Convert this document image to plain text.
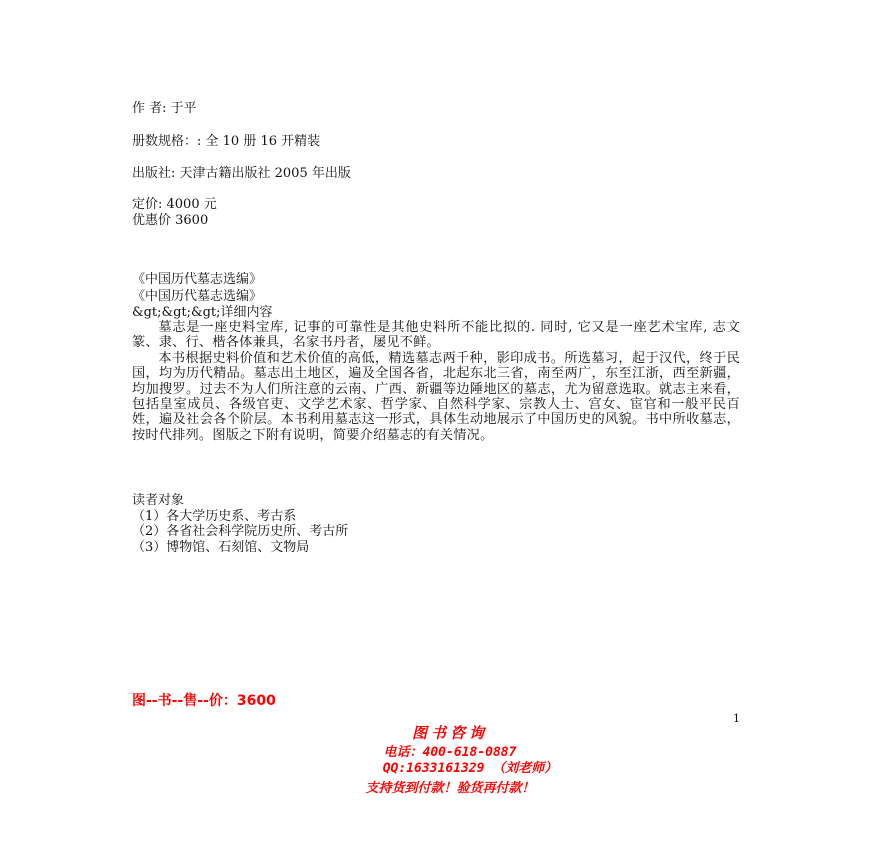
作 者: 于平
册数规格：: 全 10 册 16 开精装
出版社: 天津古籍出版社 2005 年出版
定价: 4000 元
优惠价 3600
《中国历代墓志选编》
《中国历代墓志选编》
&gt;&gt;&gt;详细内容

墓志是一座史料宝库, 记事的可靠性是其他史料所不能比拟的. 同时, 它又是一座艺术宝库, 志文篆、隶、行、楷各体兼具，名家书丹者，屡见不鲜。

本书根据史料价值和艺术价值的高低，精选墓志两千种，影印成书。所选墓习，起于汉代，终于民国，均为历代精品。墓志出土地区，遍及全国各省，北起东北三省，南至两广，东至江浙，西至新疆，均加搜罗。过去不为人们所注意的云南、广西、新疆等边陲地区的墓志，尤为留意选取。就志主来看，包括皇室成员、各级官吏、文学艺术家、哲学家、自然科学家、宗教人士、宫女、宦官和一般平民百姓，遍及社会各个阶层。本书利用墓志这一形式，具体生动地展示了中国历史的风貌。书中所收墓志，按时代排列。图版之下附有说明，简要介绍墓志的有关情况。

读者对象
（1）各大学历史系、考古系
（2）各省社会科学院历史所、考古所
（3）博物馆、石刻馆、文物局
图--书--售--价：3600
1
图书咨询
电话：400-618-0887
QQ:1633161329 （刘老师）
支持货到付款！验货再付款！
